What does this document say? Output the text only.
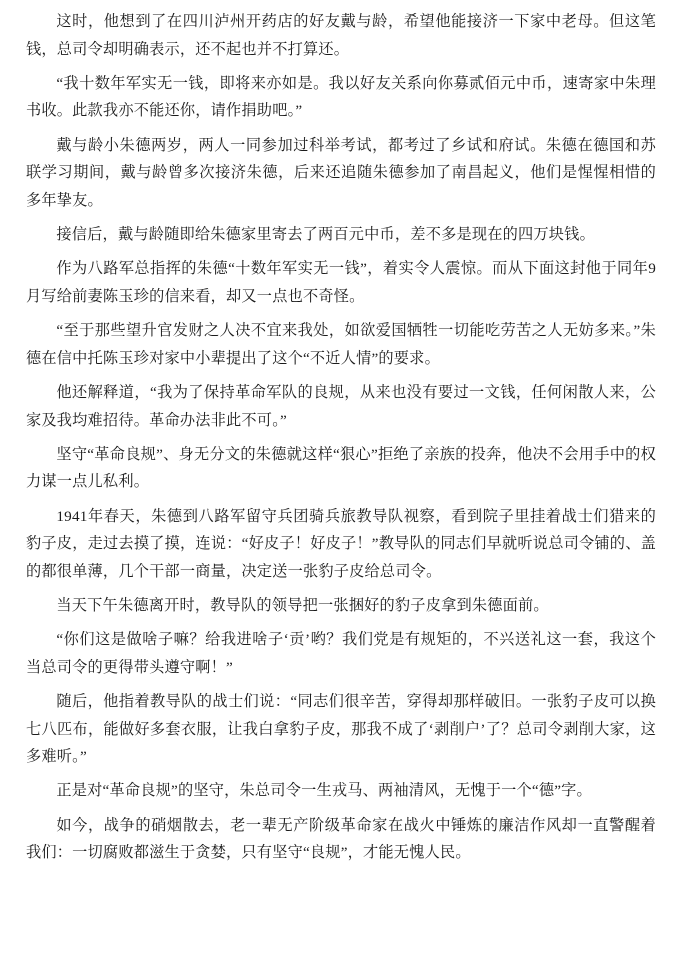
这时，他想到了在四川泸州开药店的好友戴与龄，希望他能接济一下家中老母。但这笔钱，总司令却明确表示，还不起也并不打算还。

“我十数年军实无一钱，即将来亦如是。我以好友关系向你募贰佰元中币，速寄家中朱理书收。此款我亦不能还你，请作捐助吧。”

戴与龄小朱德两岁，两人一同参加过科举考试，都考过了乡试和府试。朱德在德国和苏联学习期间，戴与龄曾多次接济朱德，后来还追随朱德参加了南昌起义，他们是惺惺相惜的多年挚友。

接信后，戴与龄随即给朱德家里寄去了两百元中币，差不多是现在的四万块钱。

作为八路军总指挥的朱德“十数年军实无一钱”，着实令人震惊。而从下面这封他于同年9月写给前妻陈玉珍的信来看，却又一点也不奇怪。

“至于那些望升官发财之人决不宜来我处，如欲爱国牺牲一切能吃劳苦之人无妨多来。”朱德在信中托陈玉珍对家中小辈提出了这个“不近人情”的要求。

他还解释道，“我为了保持革命军队的良规，从来也没有要过一文钱，任何闲散人来，公家及我均难招待。革命办法非此不可。”

坚守“革命良规”、身无分文的朱德就这样“狠心”拒绝了亲族的投奔，他决不会用手中的权力谋一点儿私利。

1941年春天，朱德到八路军留守兵团骑兵旅教导队视察，看到院子里挂着战士们猎来的豹子皮，走过去摸了摸，连说：“好皮子！好皮子！”教导队的同志们早就听说总司令铺的、盖的都很单薄，几个干部一商量，决定送一张豹子皮给总司令。

当天下午朱德离开时，教导队的领导把一张捆好的豹子皮拿到朱德面前。

“你们这是做啥子嘛？给我进啥子‘贡’哟？我们党是有规矩的，不兴送礼这一套，我这个当总司令的更得带头遵守啊！”

随后，他指着教导队的战士们说：“同志们很辛苦，穿得却那样破旧。一张豹子皮可以换七八匹布，能做好多套衣服，让我白拿豹子皮，那我不成了‘剥削户’了？总司令剥削大家，这多难听。”

正是对“革命良规”的坚守，朱总司令一生戎马、两袖清风，无愧于一个“德”字。

如今，战争的硝烟散去，老一辈无产阶级革命家在战火中锤炼的廉洁作风却一直警醒着我们：一切腐败都滋生于贪婪，只有坚守“良规”，才能无愧人民。
